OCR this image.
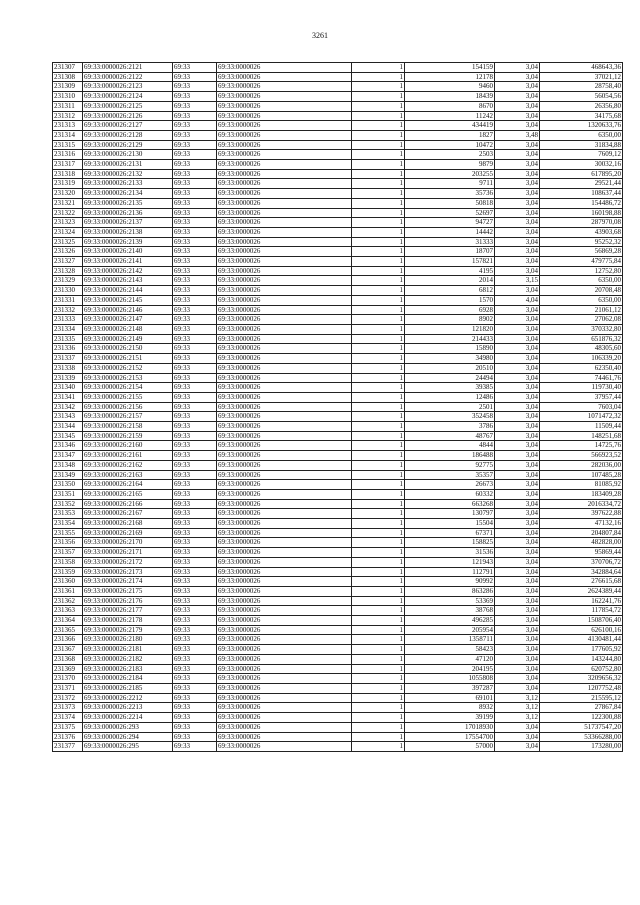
3261
231307	69:33:0000026:2121	69:33	69:33:0000026	1	154159	3,04	468643,36
231308	69:33:0000026:2122	69:33	69:33:0000026	1	12178	3,04	37021,12
231309	69:33:0000026:2123	69:33	69:33:0000026	1	9460	3,04	28758,40
231310	69:33:0000026:2124	69:33	69:33:0000026	1	18439	3,04	56054,56
231311	69:33:0000026:2125	69:33	69:33:0000026	1	8670	3,04	26356,80
231312	69:33:0000026:2126	69:33	69:33:0000026	1	11242	3,04	34175,68
231313	69:33:0000026:2127	69:33	69:33:0000026	1	434419	3,04	1320633,76
231314	69:33:0000026:2128	69:33	69:33:0000026	1	1827	3,48	6350,00
231315	69:33:0000026:2129	69:33	69:33:0000026	1	10472	3,04	31834,88
231316	69:33:0000026:2130	69:33	69:33:0000026	1	2503	3,04	7609,12
231317	69:33:0000026:2131	69:33	69:33:0000026	1	9879	3,04	30032,16
231318	69:33:0000026:2132	69:33	69:33:0000026	1	203255	3,04	617895,20
231319	69:33:0000026:2133	69:33	69:33:0000026	1	9711	3,04	29521,44
231320	69:33:0000026:2134	69:33	69:33:0000026	1	35736	3,04	108637,44
231321	69:33:0000026:2135	69:33	69:33:0000026	1	50818	3,04	154486,72
231322	69:33:0000026:2136	69:33	69:33:0000026	1	52697	3,04	160198,88
231323	69:33:0000026:2137	69:33	69:33:0000026	1	94727	3,04	287970,08
231324	69:33:0000026:2138	69:33	69:33:0000026	1	14442	3,04	43903,68
231325	69:33:0000026:2139	69:33	69:33:0000026	1	31333	3,04	95252,32
231326	69:33:0000026:2140	69:33	69:33:0000026	1	18707	3,04	56869,28
231327	69:33:0000026:2141	69:33	69:33:0000026	1	157821	3,04	479775,84
231328	69:33:0000026:2142	69:33	69:33:0000026	1	4195	3,04	12752,80
231329	69:33:0000026:2143	69:33	69:33:0000026	1	2014	3,15	6350,00
231330	69:33:0000026:2144	69:33	69:33:0000026	1	6812	3,04	20708,48
231331	69:33:0000026:2145	69:33	69:33:0000026	1	1570	4,04	6350,00
231332	69:33:0000026:2146	69:33	69:33:0000026	1	6928	3,04	21061,12
231333	69:33:0000026:2147	69:33	69:33:0000026	1	8902	3,04	27062,08
231334	69:33:0000026:2148	69:33	69:33:0000026	1	121820	3,04	370332,80
231335	69:33:0000026:2149	69:33	69:33:0000026	1	214433	3,04	651876,32
231336	69:33:0000026:2150	69:33	69:33:0000026	1	15890	3,04	48305,60
231337	69:33:0000026:2151	69:33	69:33:0000026	1	34980	3,04	106339,20
231338	69:33:0000026:2152	69:33	69:33:0000026	1	20510	3,04	62350,40
231339	69:33:0000026:2153	69:33	69:33:0000026	1	24494	3,04	74461,76
231340	69:33:0000026:2154	69:33	69:33:0000026	1	39385	3,04	119730,40
231341	69:33:0000026:2155	69:33	69:33:0000026	1	12486	3,04	37957,44
231342	69:33:0000026:2156	69:33	69:33:0000026	1	2501	3,04	7603,04
231343	69:33:0000026:2157	69:33	69:33:0000026	1	352458	3,04	1071472,32
231344	69:33:0000026:2158	69:33	69:33:0000026	1	3786	3,04	11509,44
231345	69:33:0000026:2159	69:33	69:33:0000026	1	48767	3,04	148251,68
231346	69:33:0000026:2160	69:33	69:33:0000026	1	4844	3,04	14725,76
231347	69:33:0000026:2161	69:33	69:33:0000026	1	186488	3,04	566923,52
231348	69:33:0000026:2162	69:33	69:33:0000026	1	92775	3,04	282036,00
231349	69:33:0000026:2163	69:33	69:33:0000026	1	35357	3,04	107485,28
231350	69:33:0000026:2164	69:33	69:33:0000026	1	26673	3,04	81085,92
231351	69:33:0000026:2165	69:33	69:33:0000026	1	60332	3,04	183409,28
231352	69:33:0000026:2166	69:33	69:33:0000026	1	663268	3,04	2016334,72
231353	69:33:0000026:2167	69:33	69:33:0000026	1	130797	3,04	397622,88
231354	69:33:0000026:2168	69:33	69:33:0000026	1	15504	3,04	47132,16
231355	69:33:0000026:2169	69:33	69:33:0000026	1	67371	3,04	204807,84
231356	69:33:0000026:2170	69:33	69:33:0000026	1	158825	3,04	482828,00
231357	69:33:0000026:2171	69:33	69:33:0000026	1	31536	3,04	95869,44
231358	69:33:0000026:2172	69:33	69:33:0000026	1	121943	3,04	370706,72
231359	69:33:0000026:2173	69:33	69:33:0000026	1	112791	3,04	342884,64
231360	69:33:0000026:2174	69:33	69:33:0000026	1	90992	3,04	276615,68
231361	69:33:0000026:2175	69:33	69:33:0000026	1	863286	3,04	2624389,44
231362	69:33:0000026:2176	69:33	69:33:0000026	1	53369	3,04	162241,76
231363	69:33:0000026:2177	69:33	69:33:0000026	1	38768	3,04	117854,72
231364	69:33:0000026:2178	69:33	69:33:0000026	1	496285	3,04	1508706,40
231365	69:33:0000026:2179	69:33	69:33:0000026	1	205954	3,04	626100,16
231366	69:33:0000026:2180	69:33	69:33:0000026	1	1358711	3,04	4130481,44
231367	69:33:0000026:2181	69:33	69:33:0000026	1	58423	3,04	177605,92
231368	69:33:0000026:2182	69:33	69:33:0000026	1	47120	3,04	143244,80
231369	69:33:0000026:2183	69:33	69:33:0000026	1	204195	3,04	620752,80
231370	69:33:0000026:2184	69:33	69:33:0000026	1	1055808	3,04	3209656,32
231371	69:33:0000026:2185	69:33	69:33:0000026	1	397287	3,04	1207752,48
231372	69:33:0000026:2212	69:33	69:33:0000026	1	69101	3,12	215595,12
231373	69:33:0000026:2213	69:33	69:33:0000026	1	8932	3,12	27867,84
231374	69:33:0000026:2214	69:33	69:33:0000026	1	39199	3,12	122300,88
231375	69:33:0000026:293	69:33	69:33:0000026	1	17018930	3,04	51737547,20
231376	69:33:0000026:294	69:33	69:33:0000026	1	17554700	3,04	53366288,00
231377	69:33:0000026:295	69:33	69:33:0000026	1	57000	3,04	173280,00
